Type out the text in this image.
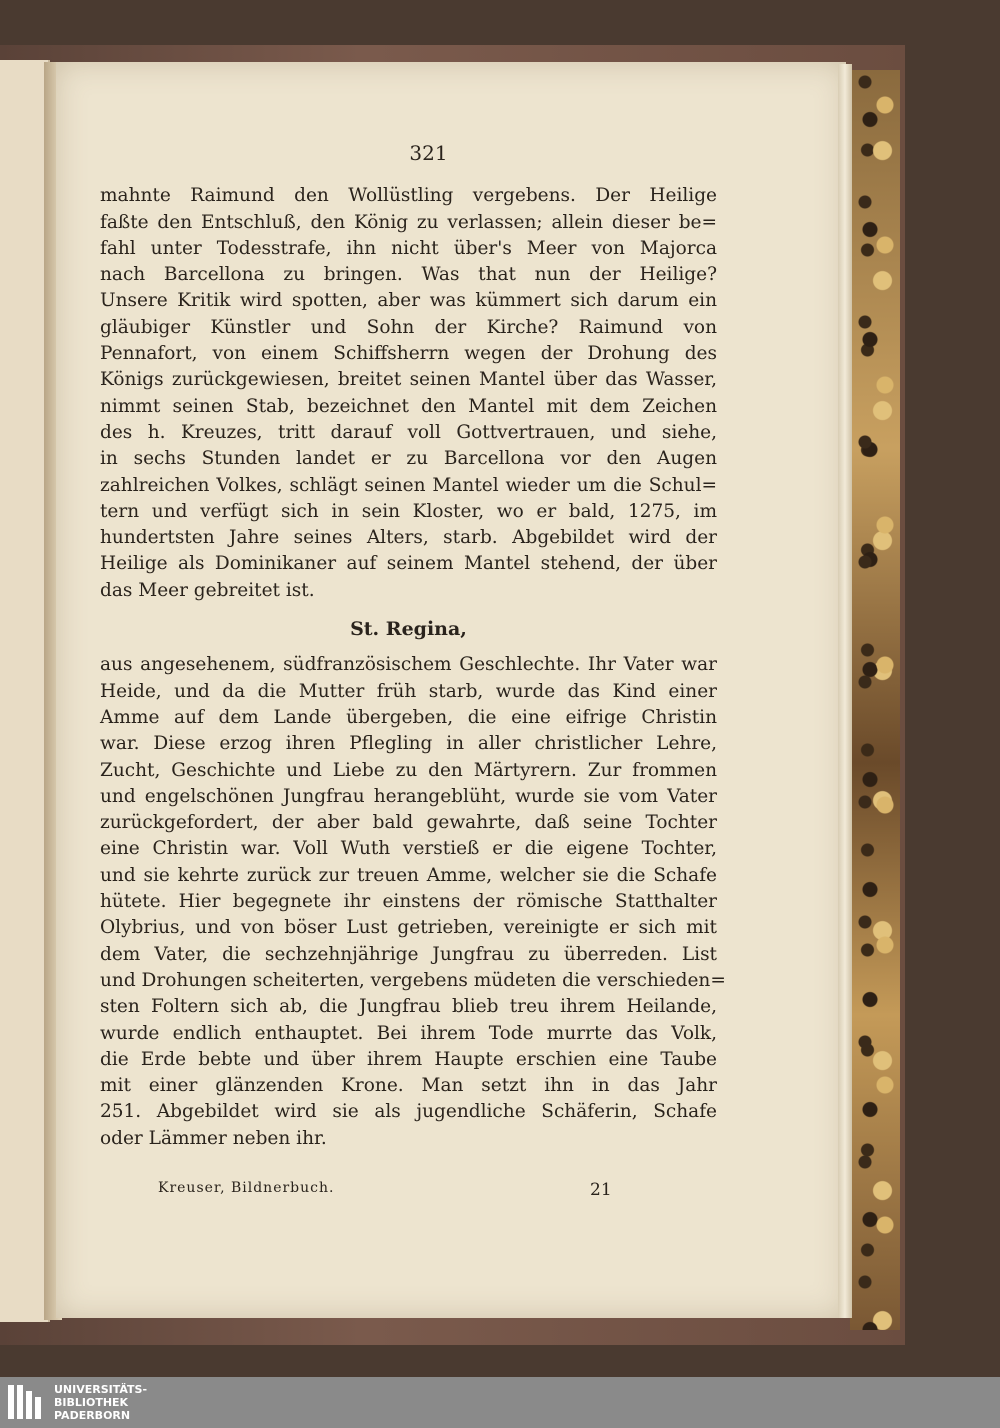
321
mahnte Raimund den Wollüstling vergebens. Der Heilige
faßte den Entschluß, den König zu verlassen; allein dieser be=
fahl unter Todesstrafe, ihn nicht über's Meer von Majorca
nach Barcellona zu bringen. Was that nun der Heilige?
Unsere Kritik wird spotten, aber was kümmert sich darum ein
gläubiger Künstler und Sohn der Kirche? Raimund von
Pennafort, von einem Schiffsherrn wegen der Drohung des
Königs zurückgewiesen, breitet seinen Mantel über das Wasser,
nimmt seinen Stab, bezeichnet den Mantel mit dem Zeichen
des h. Kreuzes, tritt darauf voll Gottvertrauen, und siehe,
in sechs Stunden landet er zu Barcellona vor den Augen
zahlreichen Volkes, schlägt seinen Mantel wieder um die Schul=
tern und verfügt sich in sein Kloster, wo er bald, 1275, im
hundertsten Jahre seines Alters, starb. Abgebildet wird der
Heilige als Dominikaner auf seinem Mantel stehend, der über
das Meer gebreitet ist.
St. Regina,
aus angesehenem, südfranzösischem Geschlechte. Ihr Vater war
Heide, und da die Mutter früh starb, wurde das Kind einer
Amme auf dem Lande übergeben, die eine eifrige Christin
war. Diese erzog ihren Pflegling in aller christlicher Lehre,
Zucht, Geschichte und Liebe zu den Märtyrern. Zur frommen
und engelschönen Jungfrau herangeblüht, wurde sie vom Vater
zurückgefordert, der aber bald gewahrte, daß seine Tochter
eine Christin war. Voll Wuth verstieß er die eigene Tochter,
und sie kehrte zurück zur treuen Amme, welcher sie die Schafe
hütete. Hier begegnete ihr einstens der römische Statthalter
Olybrius, und von böser Lust getrieben, vereinigte er sich mit
dem Vater, die sechzehnjährige Jungfrau zu überreden. List
und Drohungen scheiterten, vergebens müdeten die verschieden=
sten Foltern sich ab, die Jungfrau blieb treu ihrem Heilande,
wurde endlich enthauptet. Bei ihrem Tode murrte das Volk,
die Erde bebte und über ihrem Haupte erschien eine Taube
mit einer glänzenden Krone. Man setzt ihn in das Jahr
251. Abgebildet wird sie als jugendliche Schäferin, Schafe
oder Lämmer neben ihr.
Kreuser, Bildnerbuch.	21
UNIVERSITÄTS-
BIBLIOTHEK
PADERBORN
